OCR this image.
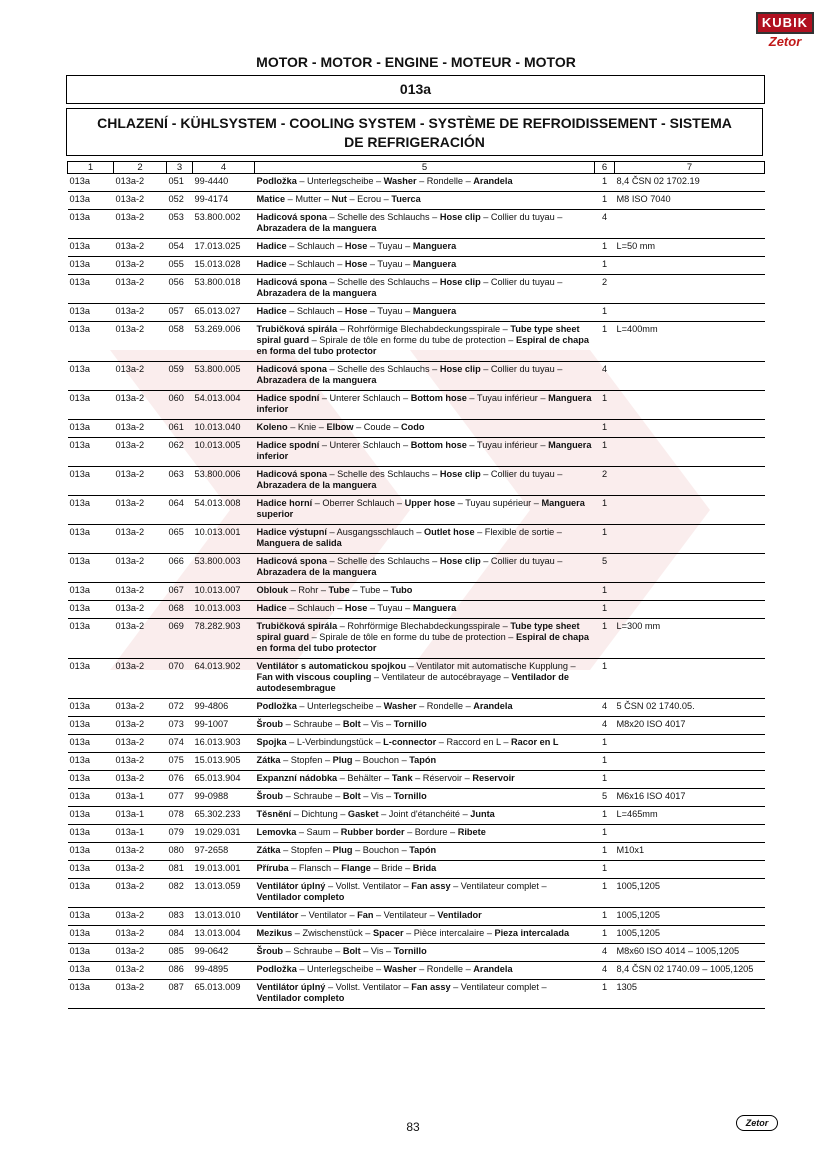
KUBIK
Zetor
MOTOR - MOTOR - ENGINE - MOTEUR - MOTOR
013a
CHLAZENÍ - KÜHLSYSTEM - COOLING SYSTEM - SYSTÈME DE REFROIDISSEMENT - SISTEMA DE REFRIGERACIÓN
1	2	3	4	5	6	7
013a	013a-2	051	99-4440	Podložka – Unterlegscheibe – Washer – Rondelle – Arandela	1	8,4 ČSN 02 1702.19
013a	013a-2	052	99-4174	Matice – Mutter – Nut – Ecrou – Tuerca	1	M8 ISO 7040
013a	013a-2	053	53.800.002	Hadicová spona – Schelle des Schlauchs – Hose clip – Collier du tuyau – Abrazadera de la manguera	4	
013a	013a-2	054	17.013.025	Hadice – Schlauch – Hose – Tuyau – Manguera	1	L=50 mm
013a	013a-2	055	15.013.028	Hadice – Schlauch – Hose – Tuyau – Manguera	1	
013a	013a-2	056	53.800.018	Hadicová spona – Schelle des Schlauchs – Hose clip – Collier du tuyau – Abrazadera de la manguera	2	
013a	013a-2	057	65.013.027	Hadice – Schlauch – Hose – Tuyau – Manguera	1	
013a	013a-2	058	53.269.006	Trubičková spirála – Rohrförmige Blechabdeckungsspirale – Tube type sheet spiral guard – Spirale de tôle en forme du tube de protection – Espiral de chapa en forma del tubo protector	1	L=400mm
013a	013a-2	059	53.800.005	Hadicová spona – Schelle des Schlauchs – Hose clip – Collier du tuyau – Abrazadera de la manguera	4	
013a	013a-2	060	54.013.004	Hadice spodní – Unterer Schlauch – Bottom hose – Tuyau inférieur – Manguera inferior	1	
013a	013a-2	061	10.013.040	Koleno – Knie – Elbow – Coude – Codo	1	
013a	013a-2	062	10.013.005	Hadice spodní – Unterer Schlauch – Bottom hose – Tuyau inférieur – Manguera inferior	1	
013a	013a-2	063	53.800.006	Hadicová spona – Schelle des Schlauchs – Hose clip – Collier du tuyau – Abrazadera de la manguera	2	
013a	013a-2	064	54.013.008	Hadice horní – Oberrer Schlauch – Upper hose – Tuyau supérieur – Manguera superior	1	
013a	013a-2	065	10.013.001	Hadice výstupní – Ausgangsschlauch – Outlet hose – Flexible de sortie – Manguera de salida	1	
013a	013a-2	066	53.800.003	Hadicová spona – Schelle des Schlauchs – Hose clip – Collier du tuyau – Abrazadera de la manguera	5	
013a	013a-2	067	10.013.007	Oblouk – Rohr – Tube – Tube – Tubo	1	
013a	013a-2	068	10.013.003	Hadice – Schlauch – Hose – Tuyau – Manguera	1	
013a	013a-2	069	78.282.903	Trubičková spirála – Rohrförmige Blechabdeckungsspirale – Tube type sheet spiral guard – Spirale de tôle en forme du tube de protection – Espiral de chapa en forma del tubo protector	1	L=300 mm
013a	013a-2	070	64.013.902	Ventilátor s automatickou spojkou – Ventilator mit automatische Kupplung – Fan with viscous coupling – Ventilateur de autocébrayage – Ventilador de autodesembrague	1	
013a	013a-2	072	99-4806	Podložka – Unterlegscheibe – Washer – Rondelle – Arandela	4	5 ČSN 02 1740.05.
013a	013a-2	073	99-1007	Šroub – Schraube – Bolt – Vis – Tornillo	4	M8x20 ISO 4017
013a	013a-2	074	16.013.903	Spojka – L-Verbindungstück – L-connector – Raccord en L – Racor en L	1	
013a	013a-2	075	15.013.905	Zátka – Stopfen – Plug – Bouchon – Tapón	1	
013a	013a-2	076	65.013.904	Expanzní nádobka – Behälter – Tank – Réservoir – Reservoir	1	
013a	013a-1	077	99-0988	Šroub – Schraube – Bolt – Vis – Tornillo	5	M6x16 ISO 4017
013a	013a-1	078	65.302.233	Těsnění – Dichtung – Gasket – Joint d'étanchéité – Junta	1	L=465mm
013a	013a-1	079	19.029.031	Lemovka – Saum – Rubber border – Bordure – Ribete	1	
013a	013a-2	080	97-2658	Zátka – Stopfen – Plug – Bouchon – Tapón	1	M10x1
013a	013a-2	081	19.013.001	Příruba – Flansch – Flange – Bride – Brida	1	
013a	013a-2	082	13.013.059	Ventilátor úplný – Vollst. Ventilator – Fan assy – Ventilateur complet – Ventilador completo	1	1005,1205
013a	013a-2	083	13.013.010	Ventilátor – Ventilator – Fan – Ventilateur – Ventilador	1	1005,1205
013a	013a-2	084	13.013.004	Mezikus – Zwischenstück – Spacer – Pièce intercalaire – Pieza intercalada	1	1005,1205
013a	013a-2	085	99-0642	Šroub – Schraube – Bolt – Vis – Tornillo	4	M8x60 ISO 4014 – 1005,1205
013a	013a-2	086	99-4895	Podložka – Unterlegscheibe – Washer – Rondelle – Arandela	4	8,4 ČSN 02 1740.09 – 1005,1205
013a	013a-2	087	65.013.009	Ventilátor úplný – Vollst. Ventilator – Fan assy – Ventilateur complet – Ventilador completo	1	1305
83	Zetor
